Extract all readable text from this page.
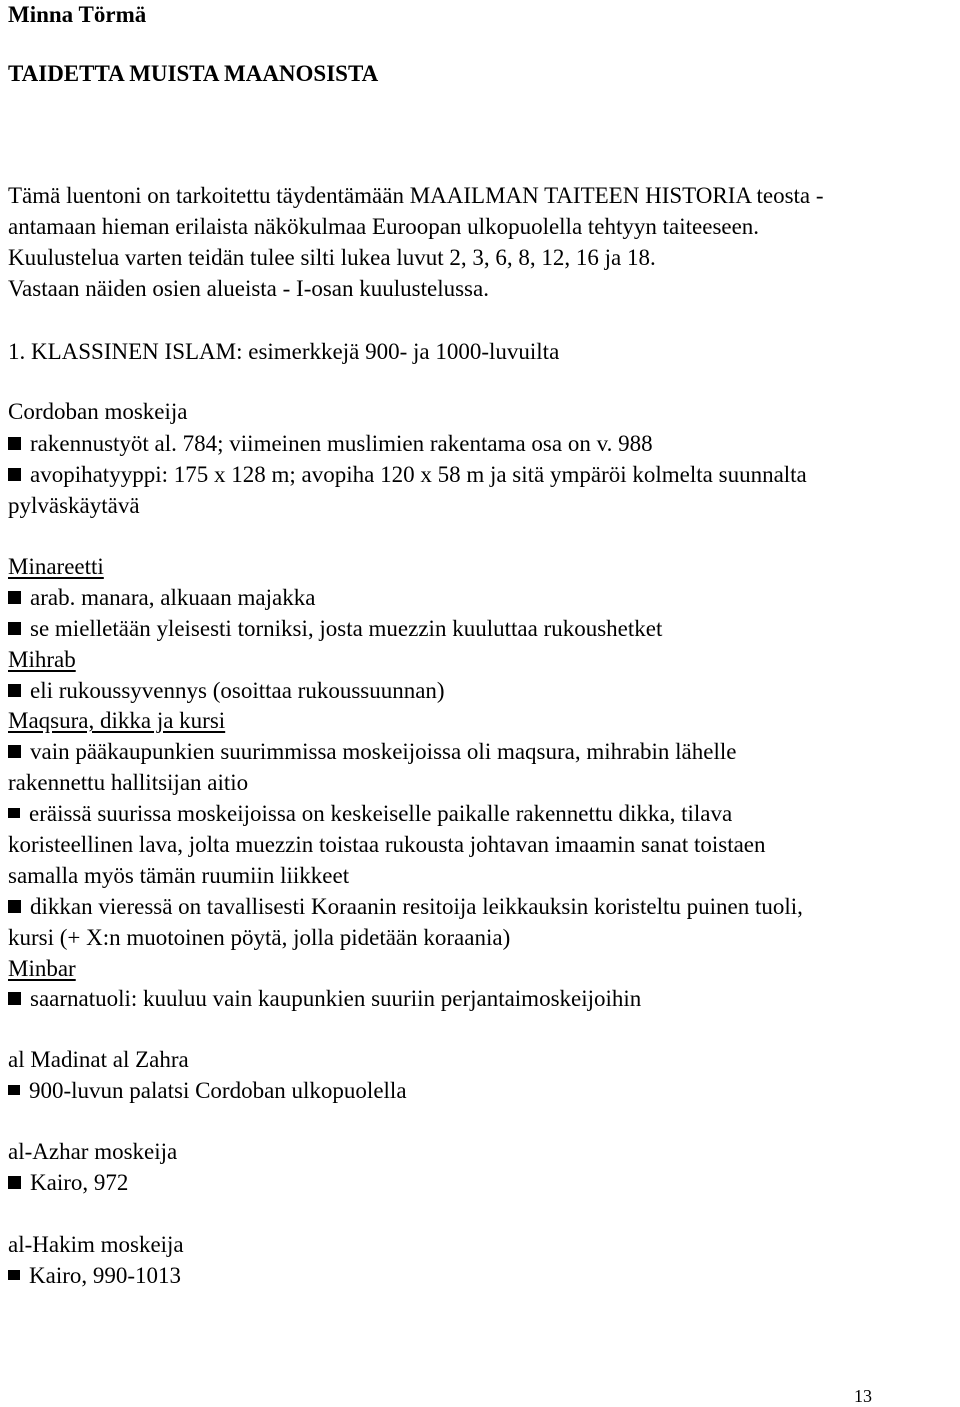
Minna Törmä
TAIDETTA MUISTA MAANOSISTA
Tämä luentoni on tarkoitettu täydentämään MAAILMAN TAITEEN HISTORIA teosta -
antamaan hieman erilaista näkökulmaa Euroopan ulkopuolella tehtyyn taiteeseen.
Kuulustelua varten teidän tulee silti lukea luvut 2, 3, 6, 8, 12, 16 ja 18.
Vastaan näiden osien alueista - I-osan kuulustelussa.
1. KLASSINEN ISLAM: esimerkkejä 900- ja 1000-luvuilta
Cordoban moskeija
rakennustyöt al. 784; viimeinen muslimien rakentama osa on v. 988
avopihatyyppi: 175 x 128 m; avopiha 120 x 58 m ja sitä ympäröi kolmelta suunnalta
pylväskäytävä
Minareetti
arab. manara, alkuaan majakka
se mielletään yleisesti torniksi, josta muezzin kuuluttaa rukoushetket
Mihrab
eli rukoussyvennys (osoittaa rukoussuunnan)
Maqsura, dikka ja kursi
vain pääkaupunkien suurimmissa moskeijoissa oli maqsura, mihrabin lähelle
rakennettu hallitsijan aitio
eräissä suurissa moskeijoissa on keskeiselle paikalle rakennettu dikka, tilava
koristeellinen lava, jolta muezzin toistaa rukousta johtavan imaamin sanat toistaen
samalla myös tämän ruumiin liikkeet
dikkan vieressä on tavallisesti Koraanin resitoija leikkauksin koristeltu puinen tuoli,
kursi (+ X:n muotoinen pöytä, jolla pidetään koraania)
Minbar
saarnatuoli: kuuluu vain kaupunkien suuriin perjantaimoskeijoihin
al Madinat al Zahra
900-luvun palatsi Cordoban ulkopuolella
al-Azhar moskeija
Kairo, 972
al-Hakim moskeija
Kairo, 990-1013
13
